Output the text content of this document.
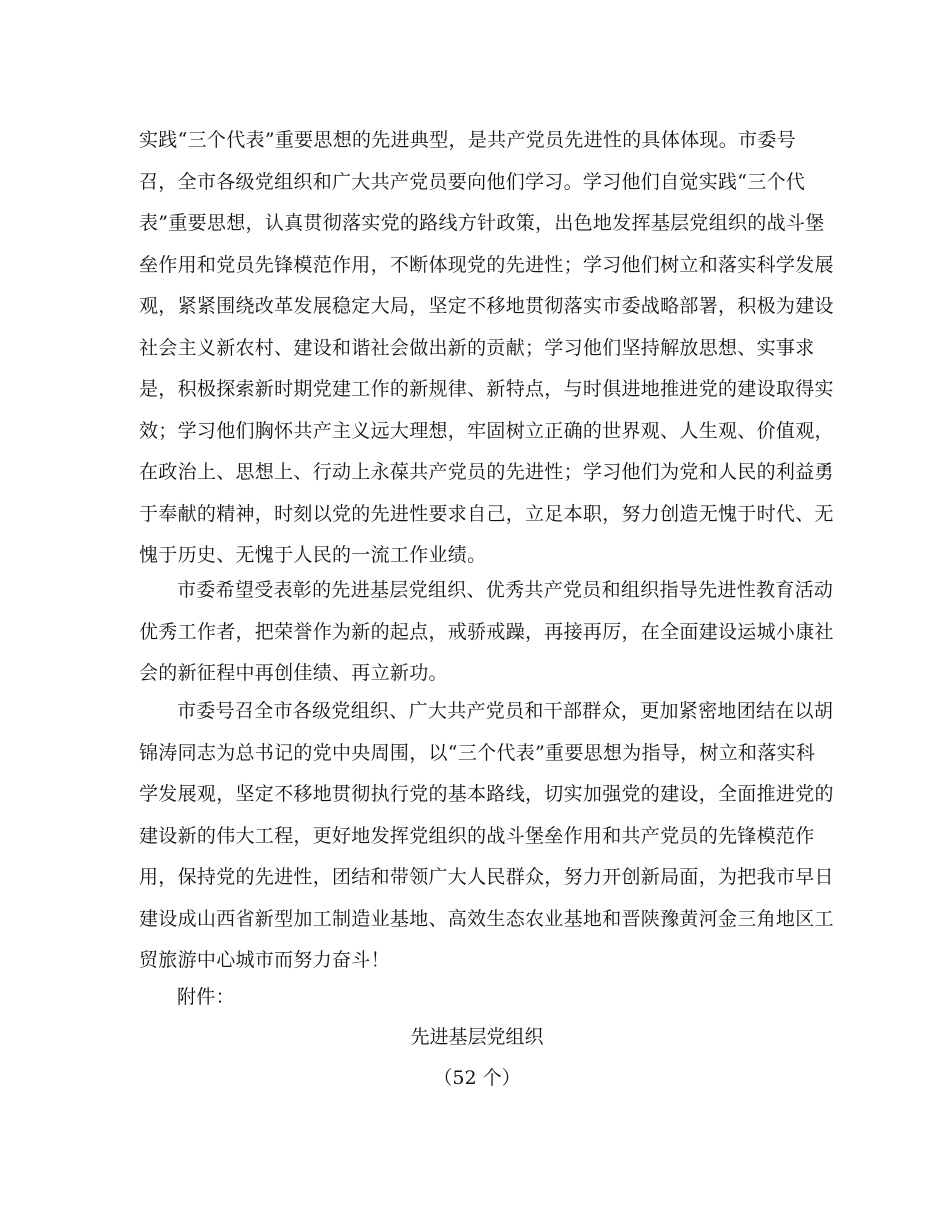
实践“三个代表”重要思想的先进典型，是共产党员先进性的具体体现。市委号
召，全市各级党组织和广大共产党员要向他们学习。学习他们自觉实践“三个代
表”重要思想，认真贯彻落实党的路线方针政策，出色地发挥基层党组织的战斗堡
垒作用和党员先锋模范作用，不断体现党的先进性；学习他们树立和落实科学发展
观，紧紧围绕改革发展稳定大局，坚定不移地贯彻落实市委战略部署，积极为建设
社会主义新农村、建设和谐社会做出新的贡献；学习他们坚持解放思想、实事求
是，积极探索新时期党建工作的新规律、新特点，与时俱进地推进党的建设取得实
效；学习他们胸怀共产主义远大理想，牢固树立正确的世界观、人生观、价值观，
在政治上、思想上、行动上永葆共产党员的先进性；学习他们为党和人民的利益勇
于奉献的精神，时刻以党的先进性要求自己，立足本职，努力创造无愧于时代、无
愧于历史、无愧于人民的一流工作业绩。
市委希望受表彰的先进基层党组织、优秀共产党员和组织指导先进性教育活动
优秀工作者，把荣誉作为新的起点，戒骄戒躁，再接再厉，在全面建设运城小康社
会的新征程中再创佳绩、再立新功。
市委号召全市各级党组织、广大共产党员和干部群众，更加紧密地团结在以胡
锦涛同志为总书记的党中央周围，以“三个代表”重要思想为指导，树立和落实科
学发展观，坚定不移地贯彻执行党的基本路线，切实加强党的建设，全面推进党的
建设新的伟大工程，更好地发挥党组织的战斗堡垒作用和共产党员的先锋模范作
用，保持党的先进性，团结和带领广大人民群众，努力开创新局面，为把我市早日
建设成山西省新型加工制造业基地、高效生态农业基地和晋陕豫黄河金三角地区工
贸旅游中心城市而努力奋斗！
附件：
先进基层党组织
（52 个）
